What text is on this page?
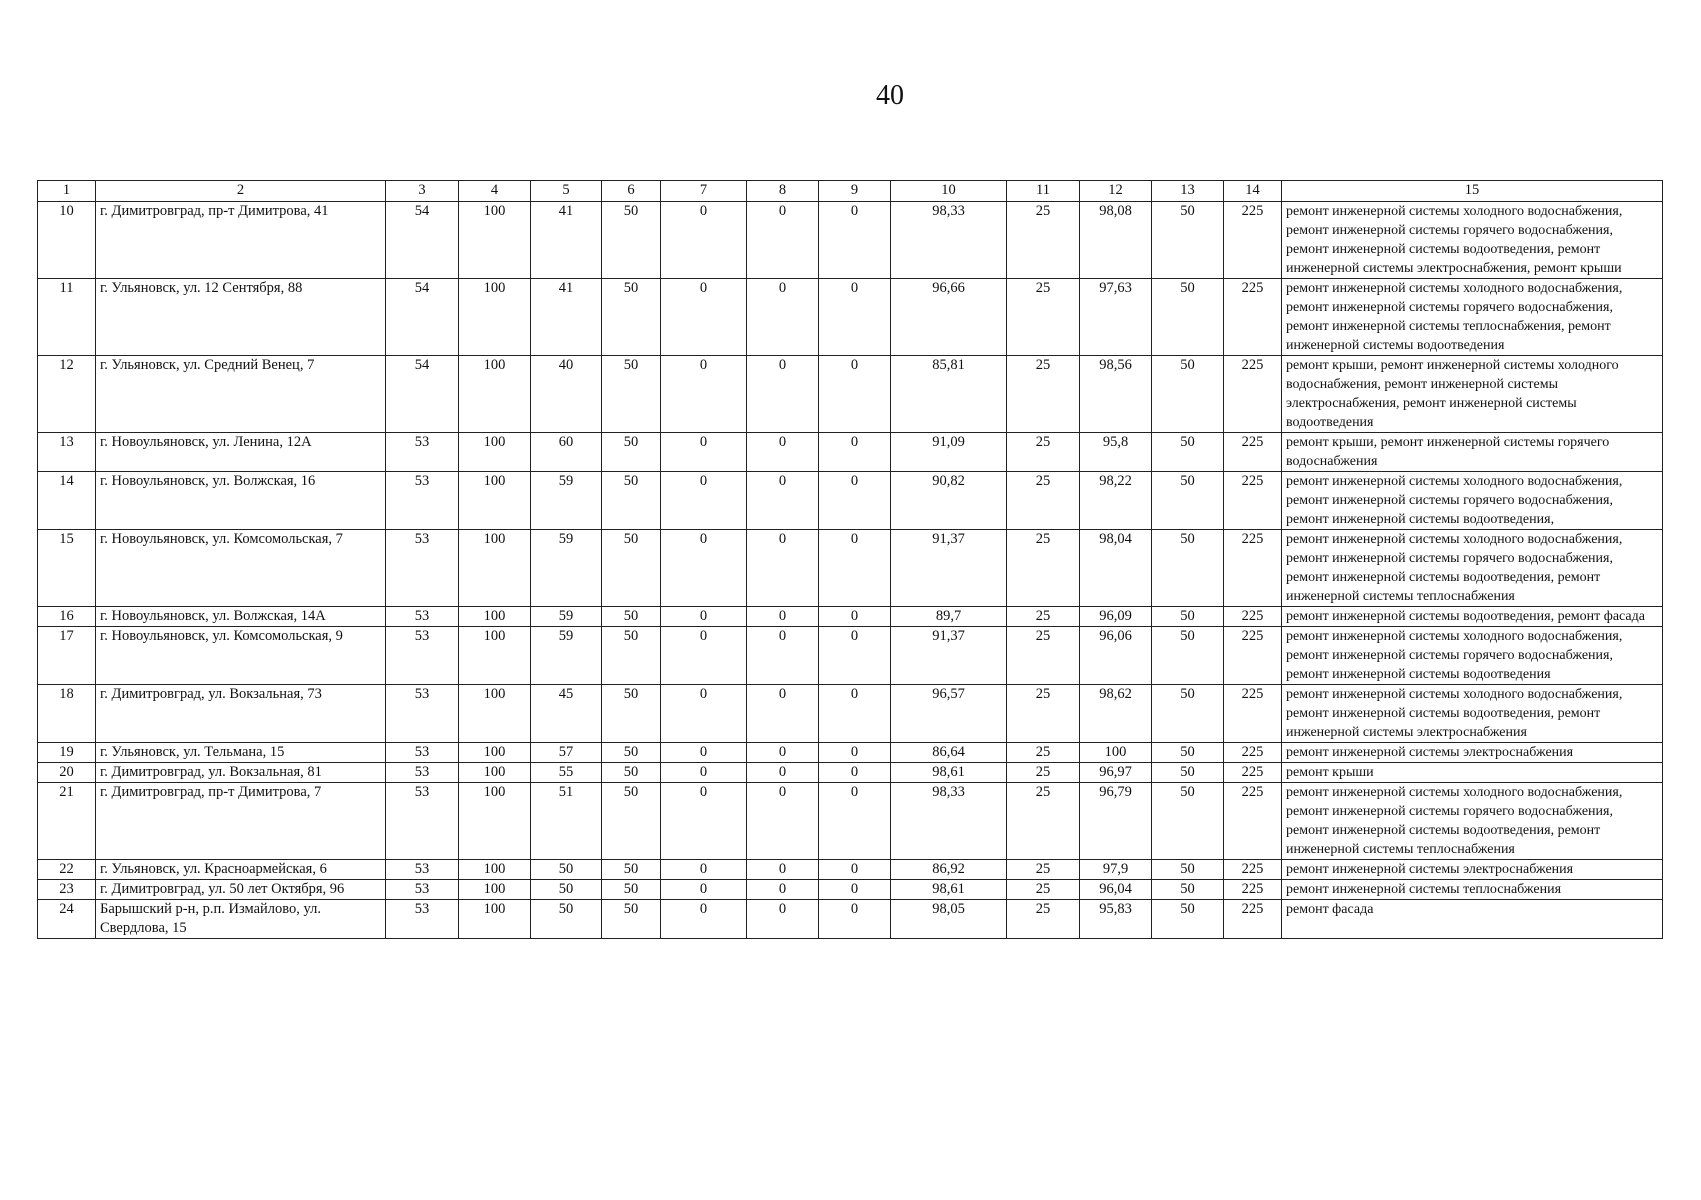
40
1	2	3	4	5	6	7	8	9	10	11	12	13	14	15
10	г. Димитровград, пр-т Димитрова, 41	54	100	41	50	0	0	0	98,33	25	98,08	50	225	ремонт инженерной системы холодного водоснабжения, ремонт инженерной системы горячего водоснабжения, ремонт инженерной системы водоотведения, ремонт инженерной системы электроснабжения, ремонт крыши
11	г. Ульяновск, ул. 12 Сентября, 88	54	100	41	50	0	0	0	96,66	25	97,63	50	225	ремонт инженерной системы холодного водоснабжения, ремонт инженерной системы горячего водоснабжения, ремонт инженерной системы теплоснабжения, ремонт инженерной системы водоотведения
12	г. Ульяновск, ул. Средний Венец, 7	54	100	40	50	0	0	0	85,81	25	98,56	50	225	ремонт крыши, ремонт инженерной системы холодного водоснабжения, ремонт инженерной системы электроснабжения, ремонт инженерной системы водоотведения
13	г. Новоульяновск, ул. Ленина, 12А	53	100	60	50	0	0	0	91,09	25	95,8	50	225	ремонт крыши, ремонт инженерной системы горячего водоснабжения
14	г. Новоульяновск, ул. Волжская, 16	53	100	59	50	0	0	0	90,82	25	98,22	50	225	ремонт инженерной системы холодного водоснабжения, ремонт инженерной системы горячего водоснабжения, ремонт инженерной системы водоотведения,
15	г. Новоульяновск, ул. Комсомольская, 7	53	100	59	50	0	0	0	91,37	25	98,04	50	225	ремонт инженерной системы холодного водоснабжения, ремонт инженерной системы горячего водоснабжения, ремонт инженерной системы водоотведения, ремонт инженерной системы теплоснабжения
16	г. Новоульяновск, ул. Волжская, 14А	53	100	59	50	0	0	0	89,7	25	96,09	50	225	ремонт инженерной системы водоотведения, ремонт фасада
17	г. Новоульяновск, ул. Комсомольская, 9	53	100	59	50	0	0	0	91,37	25	96,06	50	225	ремонт инженерной системы холодного водоснабжения, ремонт инженерной системы горячего водоснабжения, ремонт инженерной системы водоотведения
18	г. Димитровград, ул. Вокзальная, 73	53	100	45	50	0	0	0	96,57	25	98,62	50	225	ремонт инженерной системы холодного водоснабжения, ремонт инженерной системы водоотведения, ремонт инженерной системы электроснабжения
19	г. Ульяновск, ул. Тельмана, 15	53	100	57	50	0	0	0	86,64	25	100	50	225	ремонт инженерной системы электроснабжения
20	г. Димитровград, ул. Вокзальная, 81	53	100	55	50	0	0	0	98,61	25	96,97	50	225	ремонт крыши
21	г. Димитровград, пр-т Димитрова, 7	53	100	51	50	0	0	0	98,33	25	96,79	50	225	ремонт инженерной системы холодного водоснабжения, ремонт инженерной системы горячего водоснабжения, ремонт инженерной системы водоотведения, ремонт инженерной системы теплоснабжения
22	г. Ульяновск, ул. Красноармейская, 6	53	100	50	50	0	0	0	86,92	25	97,9	50	225	ремонт инженерной системы электроснабжения
23	г. Димитровград, ул. 50 лет Октября, 96	53	100	50	50	0	0	0	98,61	25	96,04	50	225	ремонт инженерной системы теплоснабжения
24	Барышский р-н, р.п. Измайлово, ул. Свердлова, 15	53	100	50	50	0	0	0	98,05	25	95,83	50	225	ремонт фасада
